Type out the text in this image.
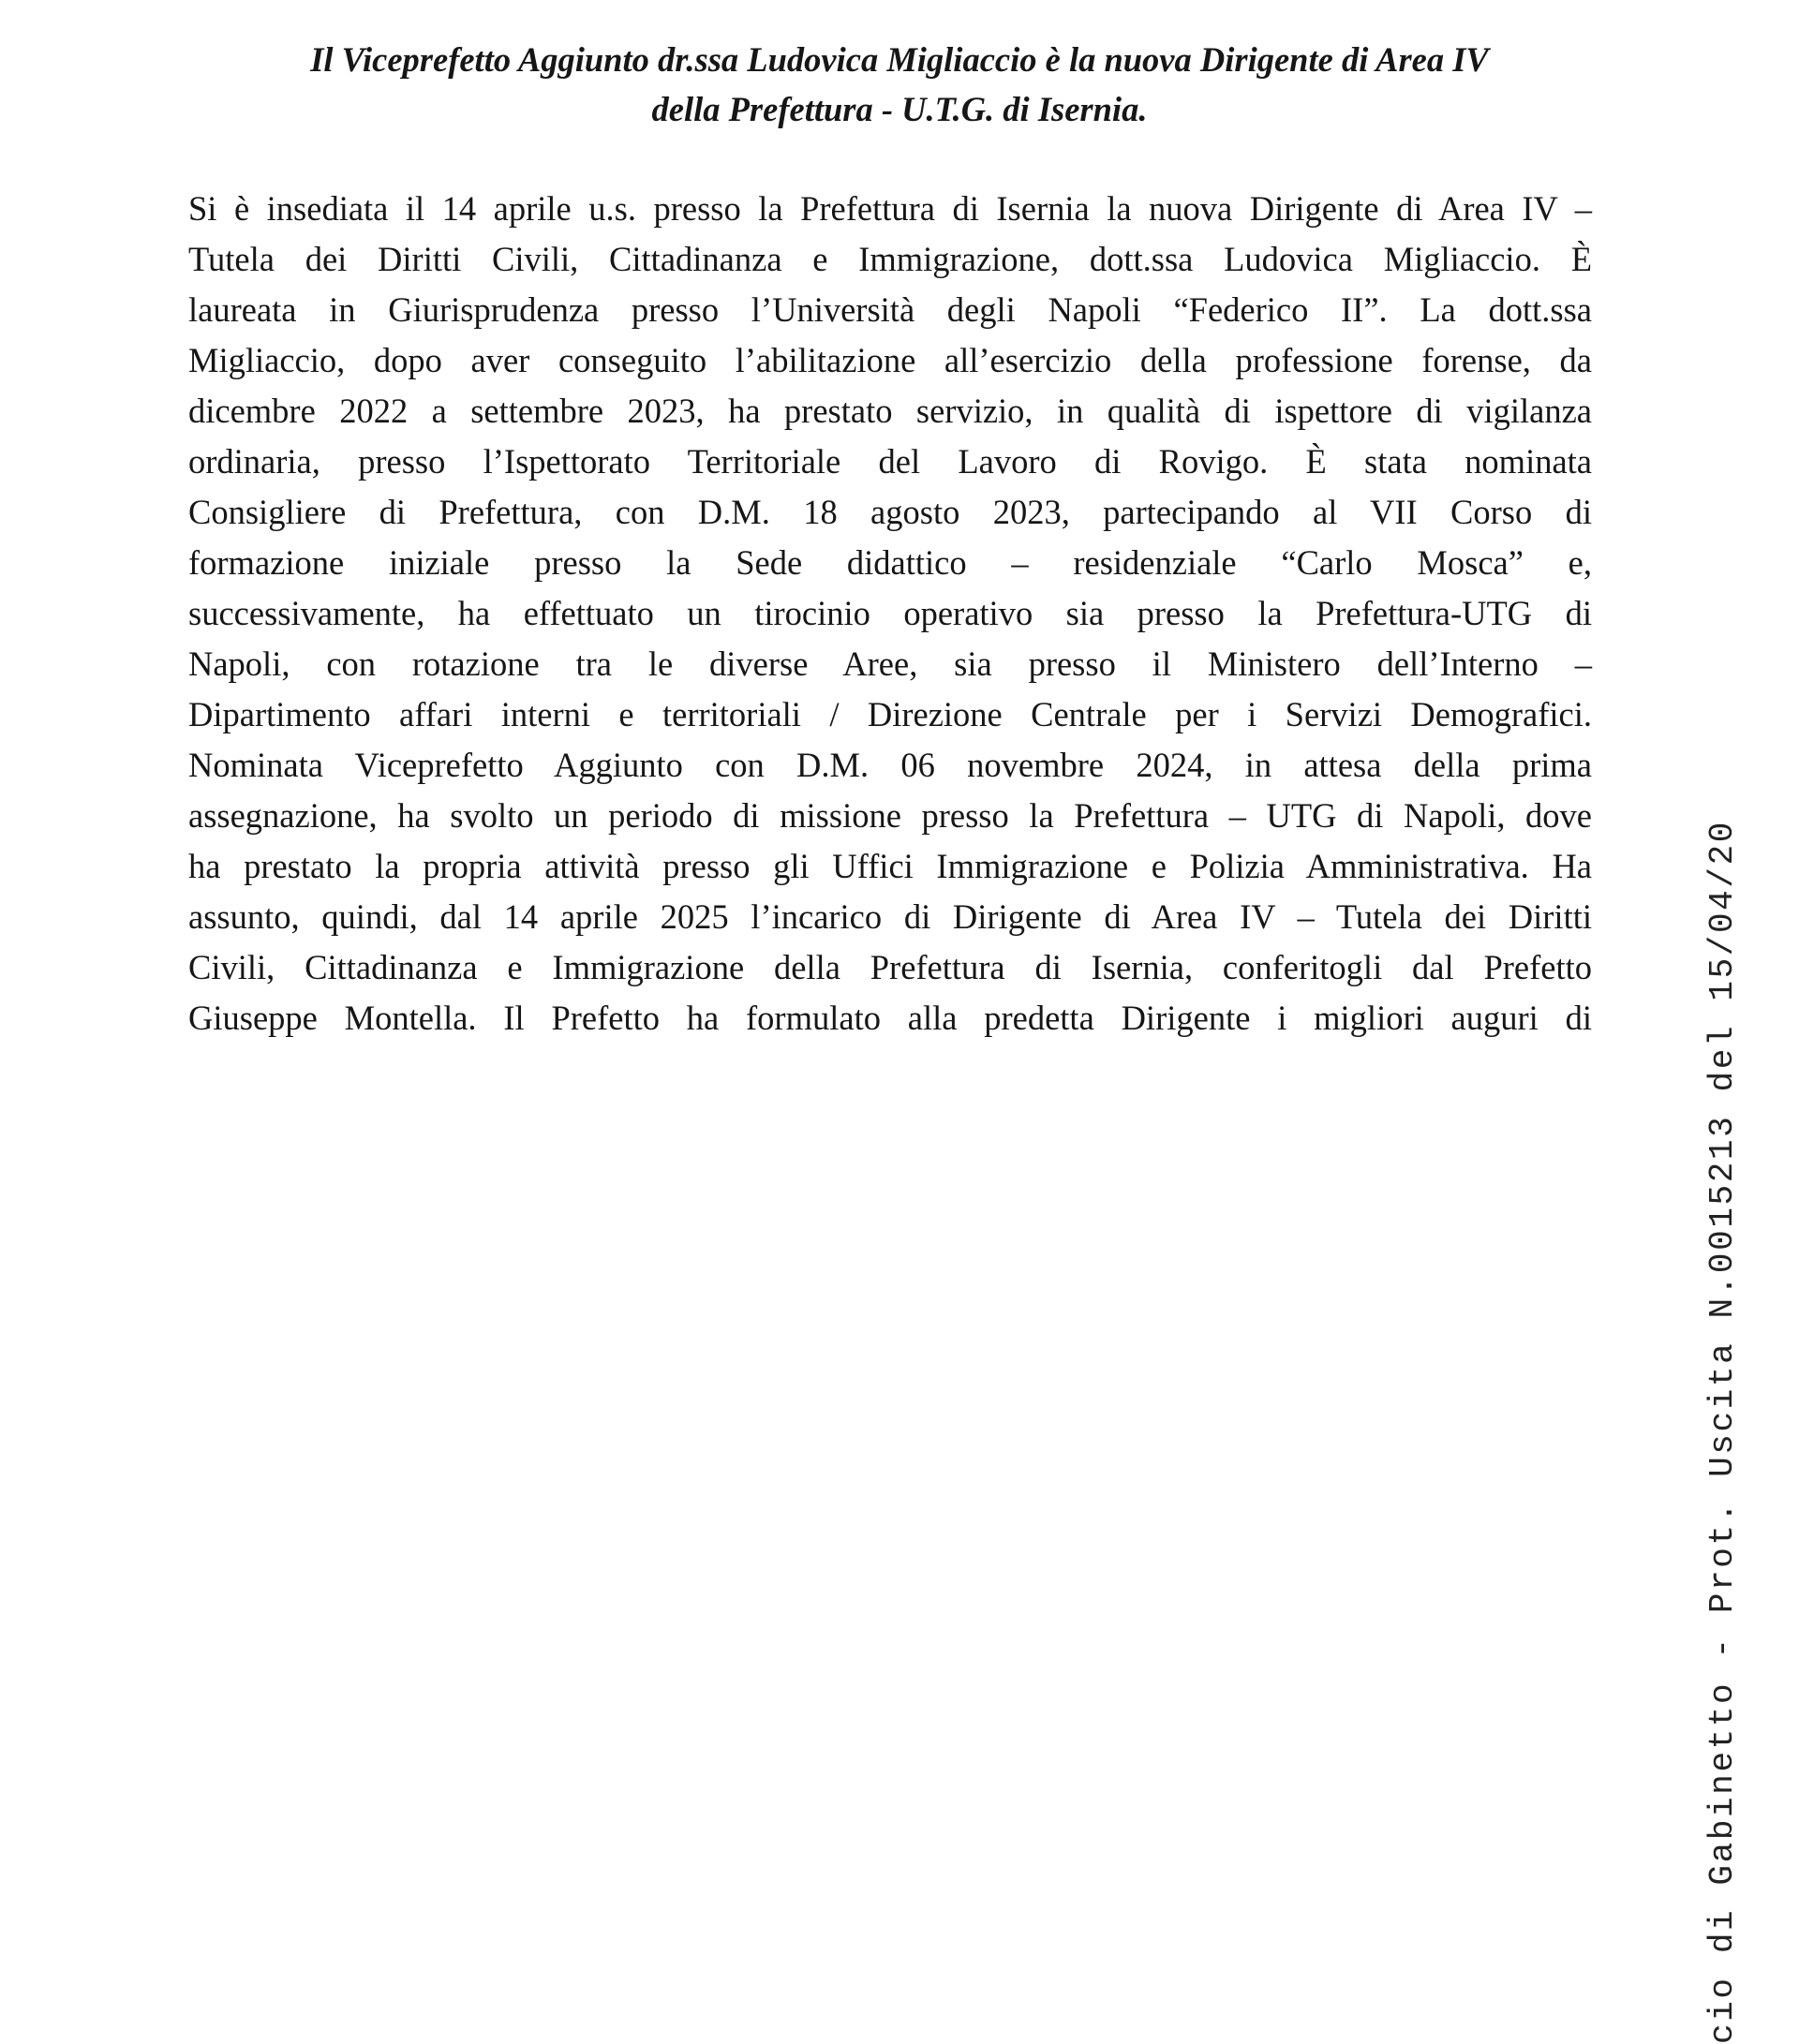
Il Viceprefetto Aggiunto dr.ssa Ludovica Migliaccio è la nuova Dirigente di Area IV
della Prefettura - U.T.G. di Isernia.
Si è insediata il 14 aprile u.s. presso la Prefettura di Isernia la nuova Dirigente di Area IV –
Tutela dei Diritti Civili, Cittadinanza e Immigrazione, dott.ssa Ludovica Migliaccio. È
laureata in Giurisprudenza presso l’Università degli Napoli “Federico II”. La dott.ssa
Migliaccio, dopo aver conseguito l’abilitazione all’esercizio della professione forense, da
dicembre 2022 a settembre 2023, ha prestato servizio, in qualità di ispettore di vigilanza
ordinaria, presso l’Ispettorato Territoriale del Lavoro di Rovigo. È stata nominata
Consigliere di Prefettura, con D.M. 18 agosto 2023, partecipando al VII Corso di
formazione iniziale presso la Sede didattico – residenziale “Carlo Mosca” e,
successivamente, ha effettuato un tirocinio operativo sia presso la Prefettura-UTG di
Napoli, con rotazione tra le diverse Aree, sia presso il Ministero dell’Interno –
Dipartimento affari interni e territoriali / Direzione Centrale per i Servizi Demografici.
Nominata Viceprefetto Aggiunto con D.M. 06 novembre 2024, in attesa della prima
assegnazione, ha svolto un periodo di missione presso la Prefettura – UTG di Napoli, dove
ha prestato la propria attività presso gli Uffici Immigrazione e Polizia Amministrativa. Ha
assunto, quindi, dal 14 aprile 2025 l’incarico di Dirigente di Area IV – Tutela dei Diritti
Civili, Cittadinanza e Immigrazione della Prefettura di Isernia, conferitogli dal Prefetto
Giuseppe Montella. Il Prefetto ha formulato alla predetta Dirigente i migliori auguri di	cio di Gabinetto - Prot. Uscita N.0015213 del 15/04/20
